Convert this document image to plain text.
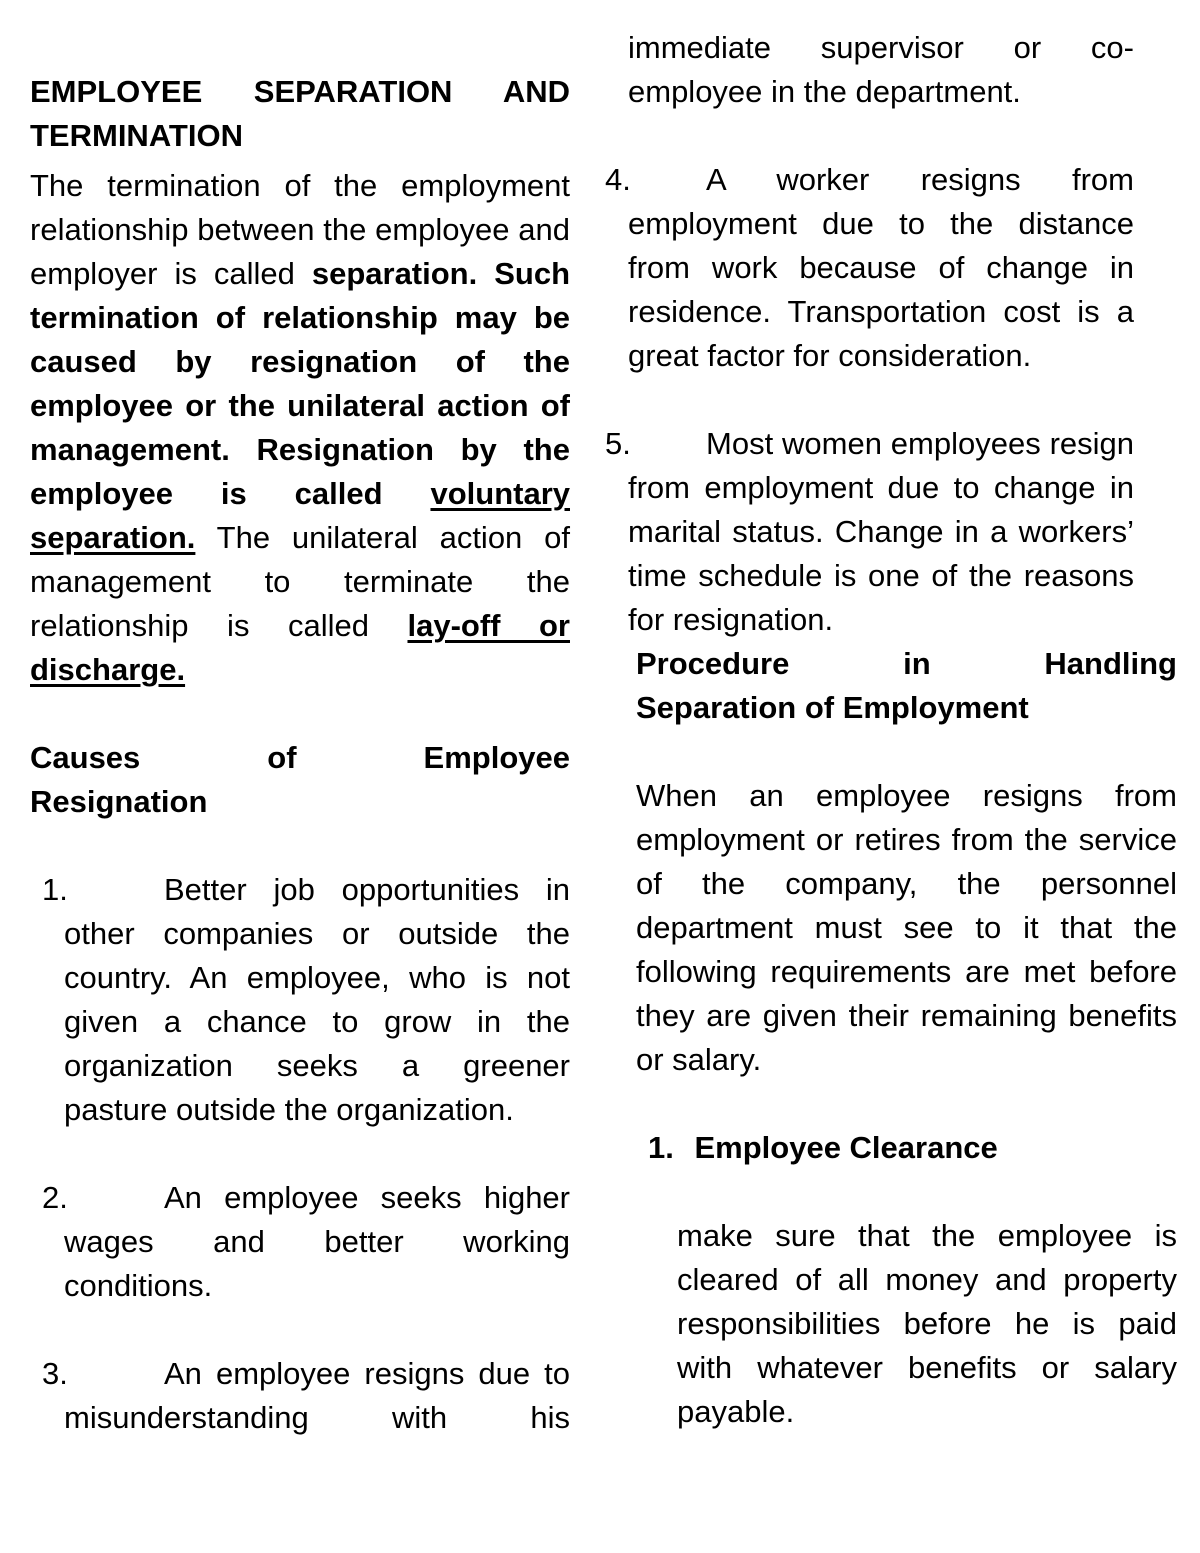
EMPLOYEE SEPARATION AND
TERMINATION

The termination of the employment relationship between the employee and employer is called separation. Such termination of relationship may be caused by resignation of the employee or the unilateral action of management. Resignation by the employee is called voluntary separation. The unilateral action of management to terminate the relationship is called lay-off or discharge.

Causes of Employee
Resignation
1.	Better job opportunities in other companies or outside the country. An employee, who is not given a chance to grow in the organization seeks a greener pasture outside the organization.
2.	An employee seeks higher wages and better working conditions.
3.	An employee resigns due to misunderstanding with his

immediate supervisor or co-employee in the department.

4.	A worker resigns from employment due to the distance from work because of change in residence. Transportation cost is a great factor for consideration.
5.	Most women employees resign from employment due to change in marital status. Change in a workers’ time schedule is one of the reasons for resignation.
Procedure in Handling
Separation of Employment

When an employee resigns from employment or retires from the service of the company, the personnel department must see to it that the following requirements are met before they are given their remaining benefits or salary.

1. Employee Clearance

make sure that the employee is cleared of all money and property responsibilities before he is paid with whatever benefits or salary payable.
